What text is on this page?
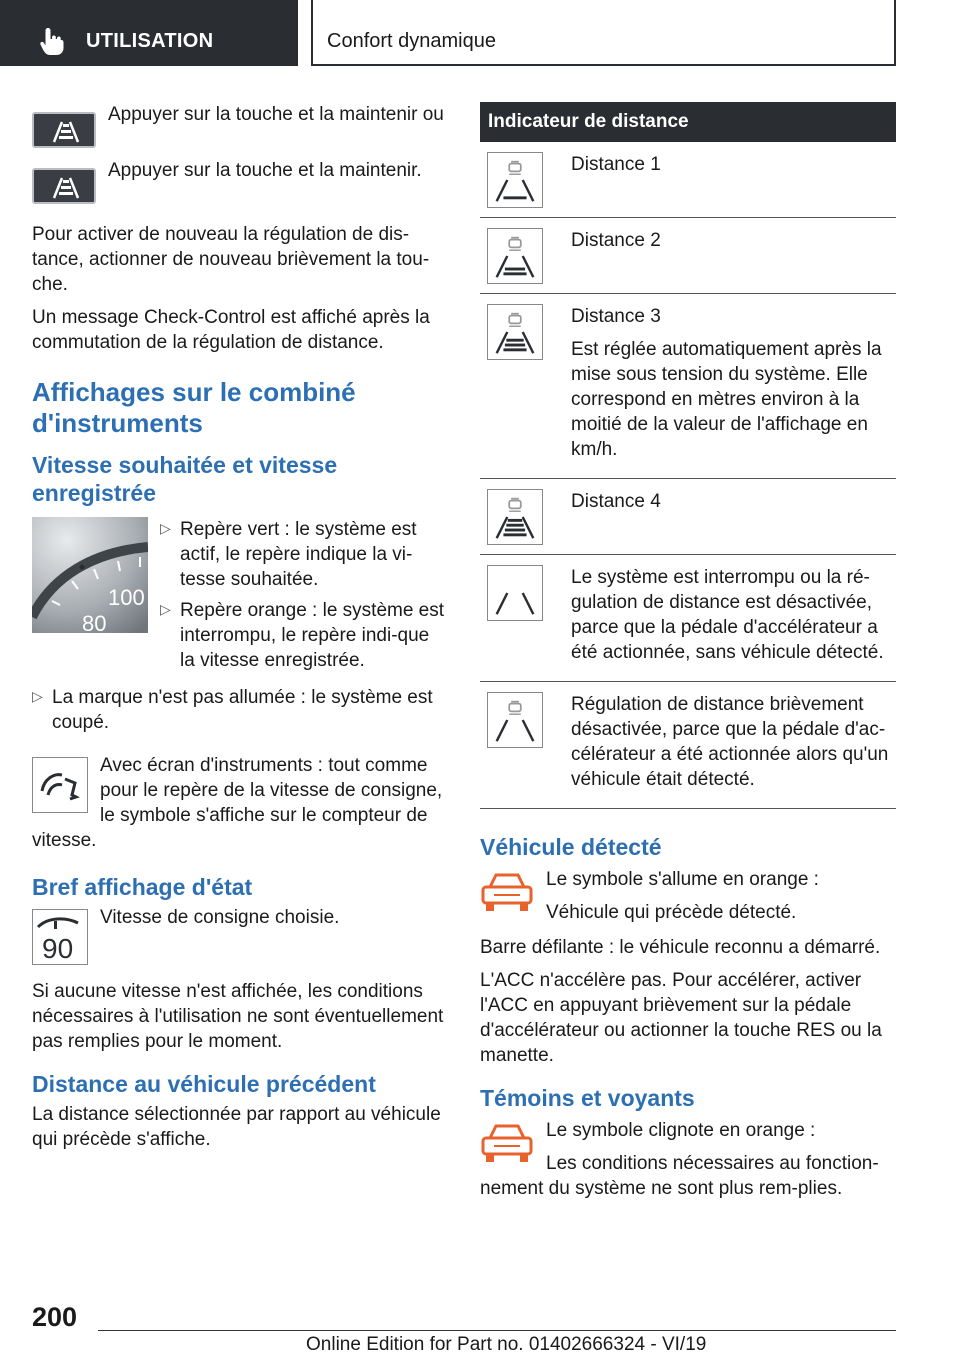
UTILISATION	Confort dynamique

Appuyer sur la touche et la maintenir ou

Appuyer sur la touche et la maintenir.

Pour activer de nouveau la régulation de dis-tance, actionner de nouveau brièvement la tou-che.

Un message Check-Control est affiché après la commutation de la régulation de distance.

Affichages sur le combiné d'instruments
Vitesse souhaitée et vitesse enregistrée
100
80
▷ Repère vert : le système est actif, le repère indique la vi-tesse souhaitée.

▷ Repère orange : le système est interrompu, le repère indi-que la vitesse enregistrée.

▷ La marque n'est pas allumée : le système est coupé.

Avec écran d'instruments : tout comme pour le repère de la vitesse de consigne, le symbole s'affiche sur le compteur de vitesse.

Bref affichage d'état
90

Vitesse de consigne choisie.

Si aucune vitesse n'est affichée, les conditions nécessaires à l'utilisation ne sont éventuellement pas remplies pour le moment.

Distance au véhicule précédent

La distance sélectionnée par rapport au véhicule qui précède s'affiche.

Indicateur de distance

Distance 1

Distance 2

Distance 3

Est réglée automatiquement après la mise sous tension du système. Elle correspond en mètres environ à la moitié de la valeur de l'affichage en km/h.

Distance 4

Le système est interrompu ou la ré-gulation de distance est désactivée, parce que la pédale d'accélérateur a été actionnée, sans véhicule détecté.

Régulation de distance brièvement désactivée, parce que la pédale d'ac-célérateur a été actionnée alors qu'un véhicule était détecté.

Véhicule détecté

Le symbole s'allume en orange :

Véhicule qui précède détecté.

Barre défilante : le véhicule reconnu a démarré.

L'ACC n'accélère pas. Pour accélérer, activer l'ACC en appuyant brièvement sur la pédale d'accélérateur ou actionner la touche RES ou la manette.

Témoins et voyants

Le symbole clignote en orange :

Les conditions nécessaires au fonction-nement du système ne sont plus rem-plies.

200
Online Edition for Part no. 01402666324 - VI/19
